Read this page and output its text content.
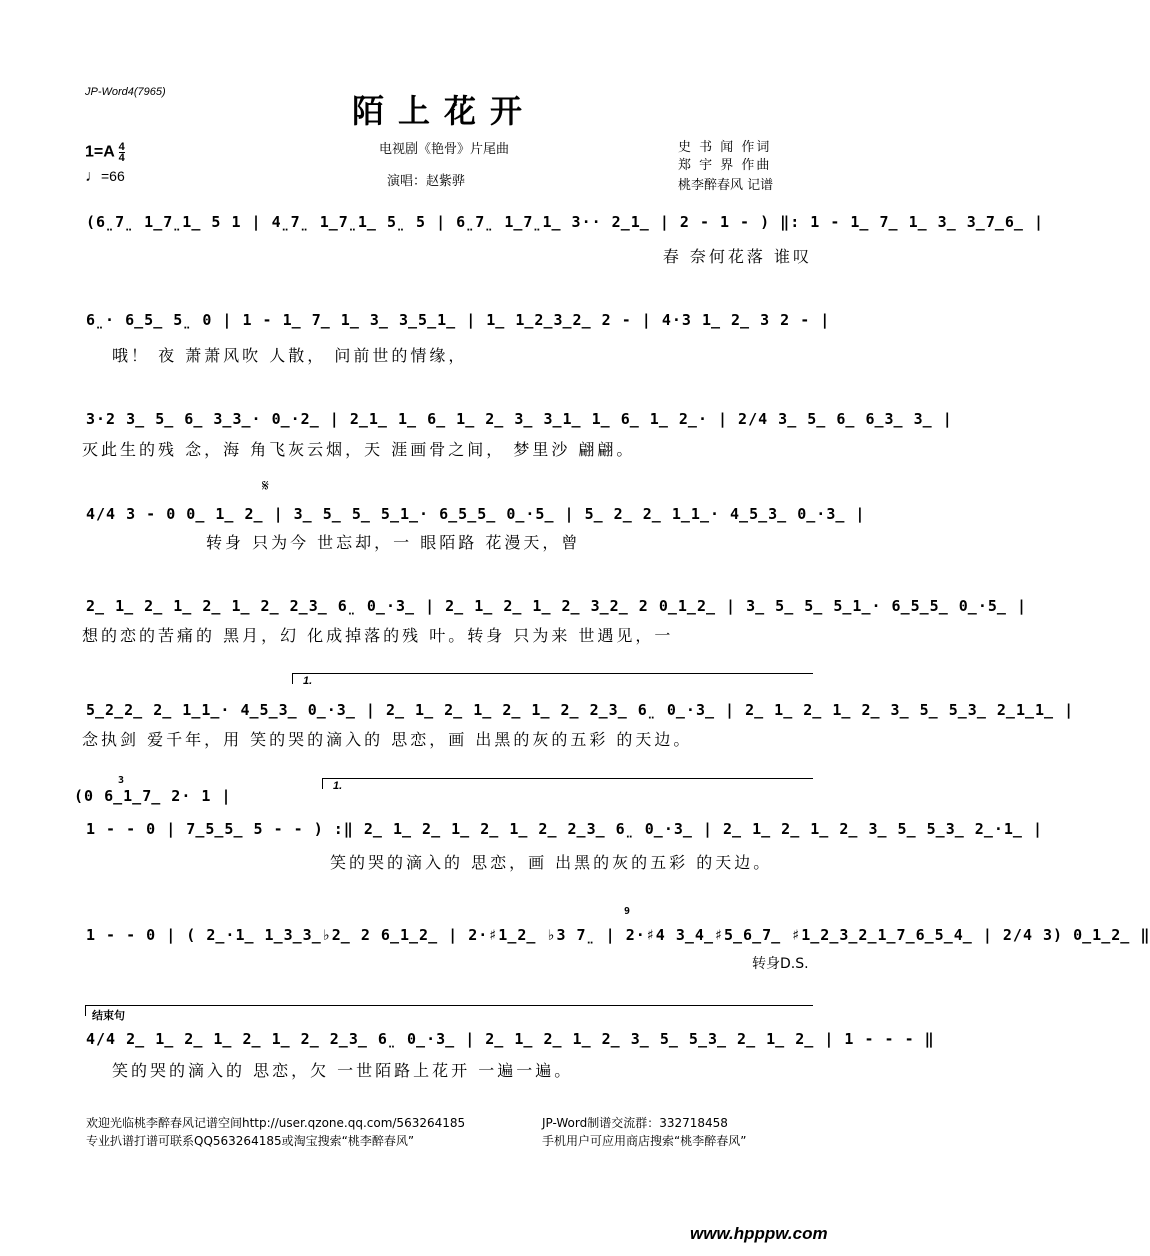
JP-Word4(7965)	陌上花开
$1=A \frac{4}{4}$
♩=66
电视剧《艳骨》片尾曲
演唱：赵紫骅
史 书 闻 作词
郑 宇 界 作曲
桃李醉春风 记谱
(6̤7̤ 1̲7̤1̲ 5 1 | 4̤7̤ 1̲7̤1̲ 5̤ 5 | 6̤7̤ 1̲7̤1̲ 3·· 2̲1̲ | 2 - 1 - ) ‖: 1 - 1̲ 7̲ 1̲ 3̲ 3̲7̲6̲ |
春 奈何花落 谁叹
6̤· 6̲5̲ 5̤ 0 | 1 - 1̲ 7̲ 1̲ 3̲ 3̲5̲1̲ | 1̲ 1̲2̲3̲2̲ 2 - | 4·3 1̲ 2̲ 3 2 - |
哦！ 夜 萧萧风吹 人散， 问前世的情缘，
3·2 3̲ 5̲ 6̲ 3̲3̲· 0̲·2̲ | 2̲1̲ 1̲ 6̲ 1̲ 2̲ 3̲ 3̲1̲ 1̲ 6̲ 1̲ 2̲· | 2/4 3̲ 5̲ 6̲ 6̲3̲ 3̲ |
灭此生的残 念，海 角飞灰云烟，天 涯画骨之间， 梦里沙 翩翩。
𝄋
4/4 3 - 0 0̲ 1̲ 2̲ | 3̲ 5̲ 5̲ 5̲1̲· 6̲5̲5̲ 0̲·5̲ | 5̲ 2̲ 2̲ 1̲1̲· 4̲5̲3̲ 0̲·3̲ |
转身 只为今 世忘却，一 眼陌路 花漫天，曾
2̲ 1̲ 2̲ 1̲ 2̲ 1̲ 2̲ 2̲3̲ 6̤ 0̲·3̲ | 2̲ 1̲ 2̲ 1̲ 2̲ 3̲2̲ 2 0̲1̲2̲ | 3̲ 5̲ 5̲ 5̲1̲· 6̲5̲5̲ 0̲·5̲ |
想的恋的苦痛的 黑月，幻 化成掉落的残 叶。转身 只为来 世遇见，一
1.
5̲2̲2̲ 2̲ 1̲1̲· 4̲5̲3̲ 0̲·3̲ | 2̲ 1̲ 2̲ 1̲ 2̲ 1̲ 2̲ 2̲3̲ 6̤ 0̲·3̲ | 2̲ 1̲ 2̲ 1̲ 2̲ 3̲ 5̲ 5̲3̲ 2̲1̲1̲ |
念执剑 爱千年，用 笑的哭的滴入的 思恋，画 出黑的灰的五彩 的天边。
(0 6̲1̲7̲ 2· 1 |
3	1.
1 - - 0 | 7̲5̲5̲ 5 - - ) :‖ 2̲ 1̲ 2̲ 1̲ 2̲ 1̲ 2̲ 2̲3̲ 6̤ 0̲·3̲ | 2̲ 1̲ 2̲ 1̲ 2̲ 3̲ 5̲ 5̲3̲ 2̲·1̲ |
笑的哭的滴入的 思恋，画 出黑的灰的五彩 的天边。
1 - - 0 | ( 2̲·1̲ 1̲3̲3̲♭2̲ 2 6̲1̲2̲ | 2·♯1̲2̲ ♭3 7̤ | 2·♯4 3̲4̲♯5̲6̲7̲ ♯1̲2̲3̲2̲1̲7̲6̲5̲4̲ | 2/4 3) 0̲1̲2̲ ‖
9
转身D.S.
结束句
4/4 2̲ 1̲ 2̲ 1̲ 2̲ 1̲ 2̲ 2̲3̲ 6̤ 0̲·3̲ | 2̲ 1̲ 2̲ 1̲ 2̲ 3̲ 5̲ 5̲3̲ 2̲ 1̲ 2̲ | 1 - - - ‖
笑的哭的滴入的 思恋，欠 一世陌路上花开 一遍一遍。
欢迎光临桃李醉春风记谱空间http://user.qzone.qq.com/563264185
专业扒谱打谱可联系QQ563264185或淘宝搜索“桃李醉春风”
JP-Word制谱交流群：332718458
手机用户可应用商店搜索“桃李醉春风”
www.hpppw.com
